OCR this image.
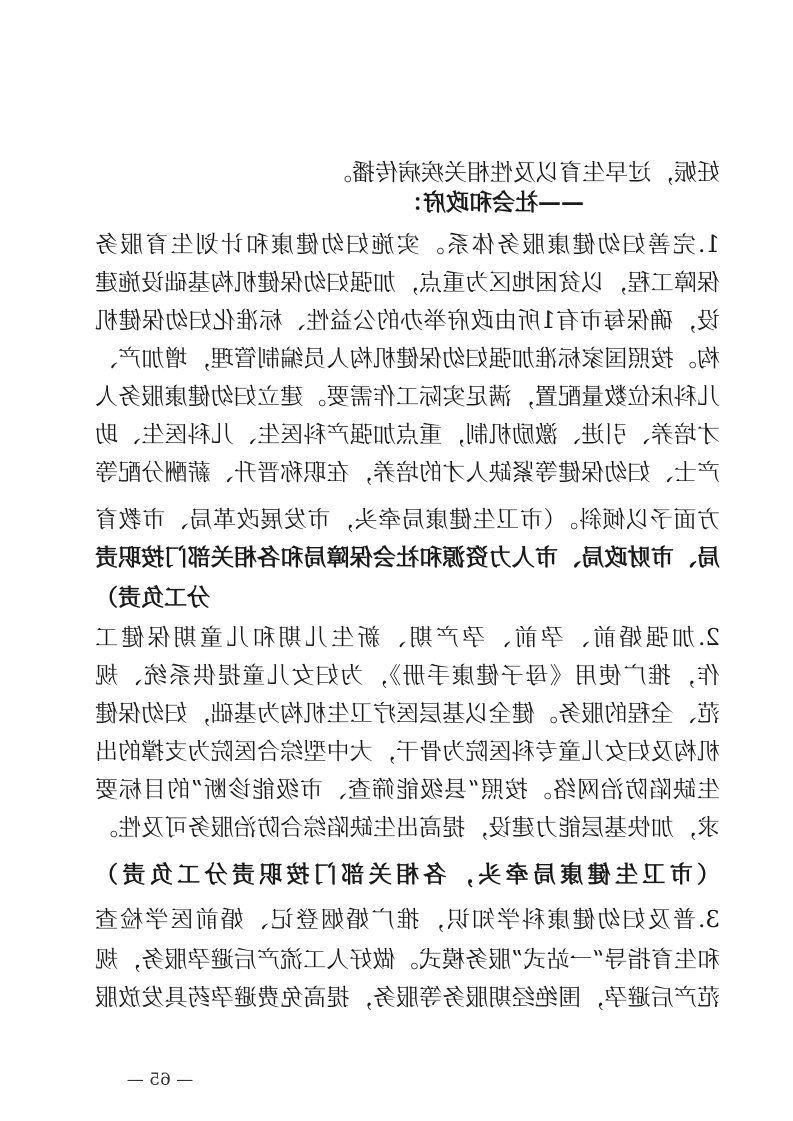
妊娠，过早生育以及性相关疾病传播。
——社会和政府：
1.完善妇幼健康服务体系。实施妇幼健康和计划生育服务
保障工程，以贫困地区为重点，加强妇幼保健机构基础设施建
设，确保每市有1所由政府举办的公益性、标准化妇幼保健机
构。按照国家标准加强妇幼保健机构人员编制管理，增加产、
儿科床位数量配置，满足实际工作需要。建立妇幼健康服务人
才培养、引进、激励机制，重点加强产科医生、儿科医生、助
产士、妇幼保健等紧缺人才的培养，在职称晋升、薪酬分配等
方面予以倾斜。（市卫生健康局牵头，市发展改革局、市教育
局、市财政局、市人力资源和社会保障局和各相关部门按职责
分工负责）
2.加强婚前、孕前、孕产期、新生儿期和儿童期保健工
作，推广使用《母子健康手册》，为妇女儿童提供系统、规
范、全程的服务。健全以基层医疗卫生机构为基础，妇幼保健
机构及妇女儿童专科医院为骨干，大中型综合医院为支撑的出
生缺陷防治网络。按照“县级能筛查、市级能诊断”的目标要
求，加快基层能力建设，提高出生缺陷综合防治服务可及性。
（市卫生健康局牵头，各相关部门按职责分工负责）
3.普及妇幼健康科学知识，推广婚姻登记、婚前医学检查
和生育指导“一站式”服务模式。做好人工流产后避孕服务，规
范产后避孕，围绝经期服务等服务，提高免费避孕药具发放服
— 65 —
